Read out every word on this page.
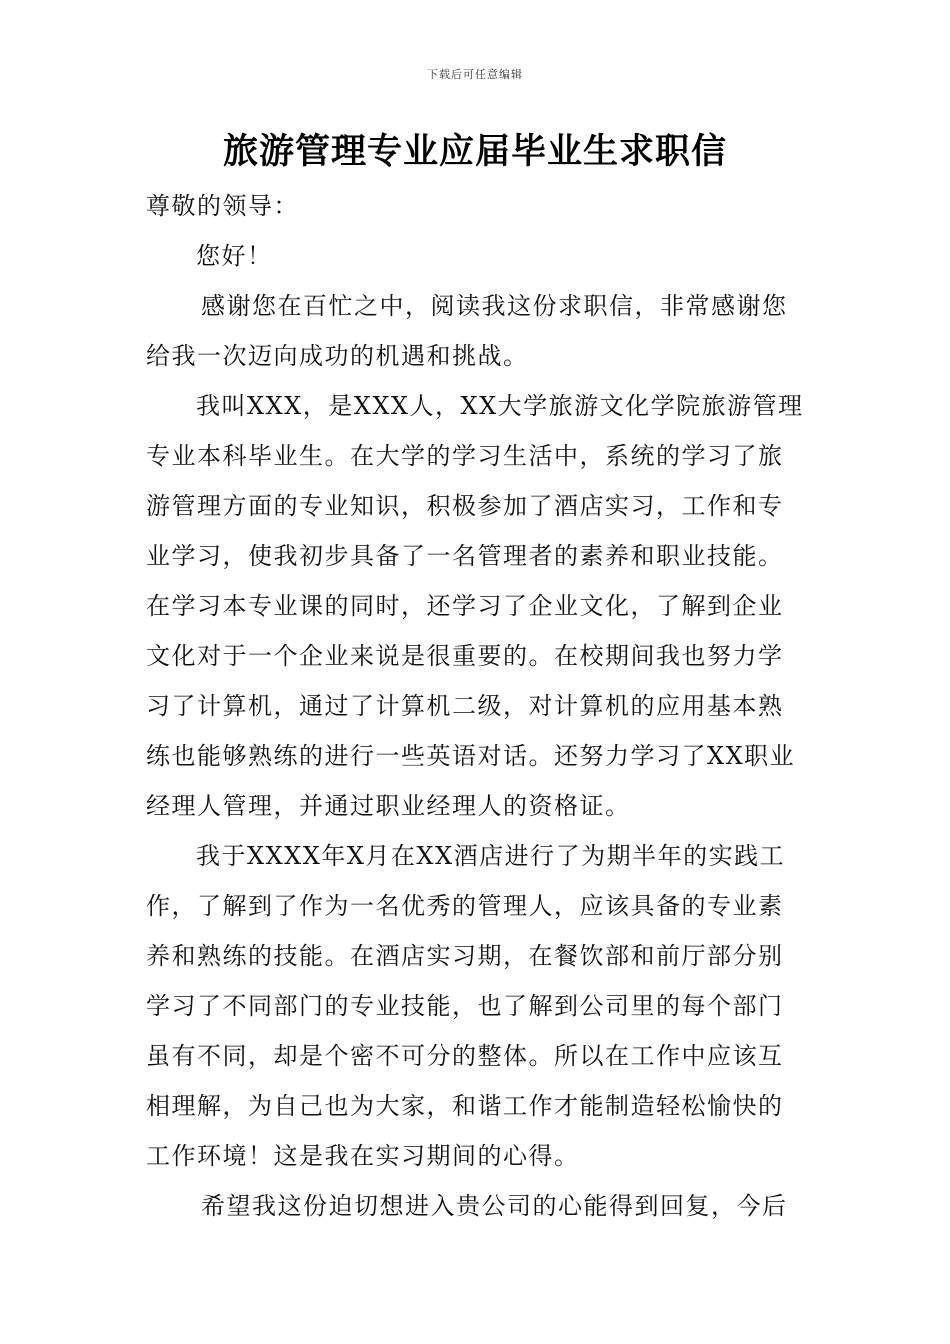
下载后可任意编辑
旅游管理专业应届毕业生求职信

尊敬的领导：

您好！

感谢您在百忙之中，阅读我这份求职信，非常感谢您给我一次迈向成功的机遇和挑战。

我叫XXX，是XXX人，XX大学旅游文化学院旅游管理专业本科毕业生。在大学的学习生活中，系统的学习了旅游管理方面的专业知识，积极参加了酒店实习，工作和专业学习，使我初步具备了一名管理者的素养和职业技能。在学习本专业课的同时，还学习了企业文化，了解到企业文化对于一个企业来说是很重要的。在校期间我也努力学习了计算机，通过了计算机二级，对计算机的应用基本熟练也能够熟练的进行一些英语对话。还努力学习了XX职业经理人管理，并通过职业经理人的资格证。

我于XXXX年X月在XX酒店进行了为期半年的实践工作，了解到了作为一名优秀的管理人，应该具备的专业素养和熟练的技能。在酒店实习期，在餐饮部和前厅部分别学习了不同部门的专业技能，也了解到公司里的每个部门虽有不同，却是个密不可分的整体。所以在工作中应该互相理解，为自己也为大家，和谐工作才能制造轻松愉快的工作环境！这是我在实习期间的心得。

希望我这份迫切想进入贵公司的心能得到回复，今后
